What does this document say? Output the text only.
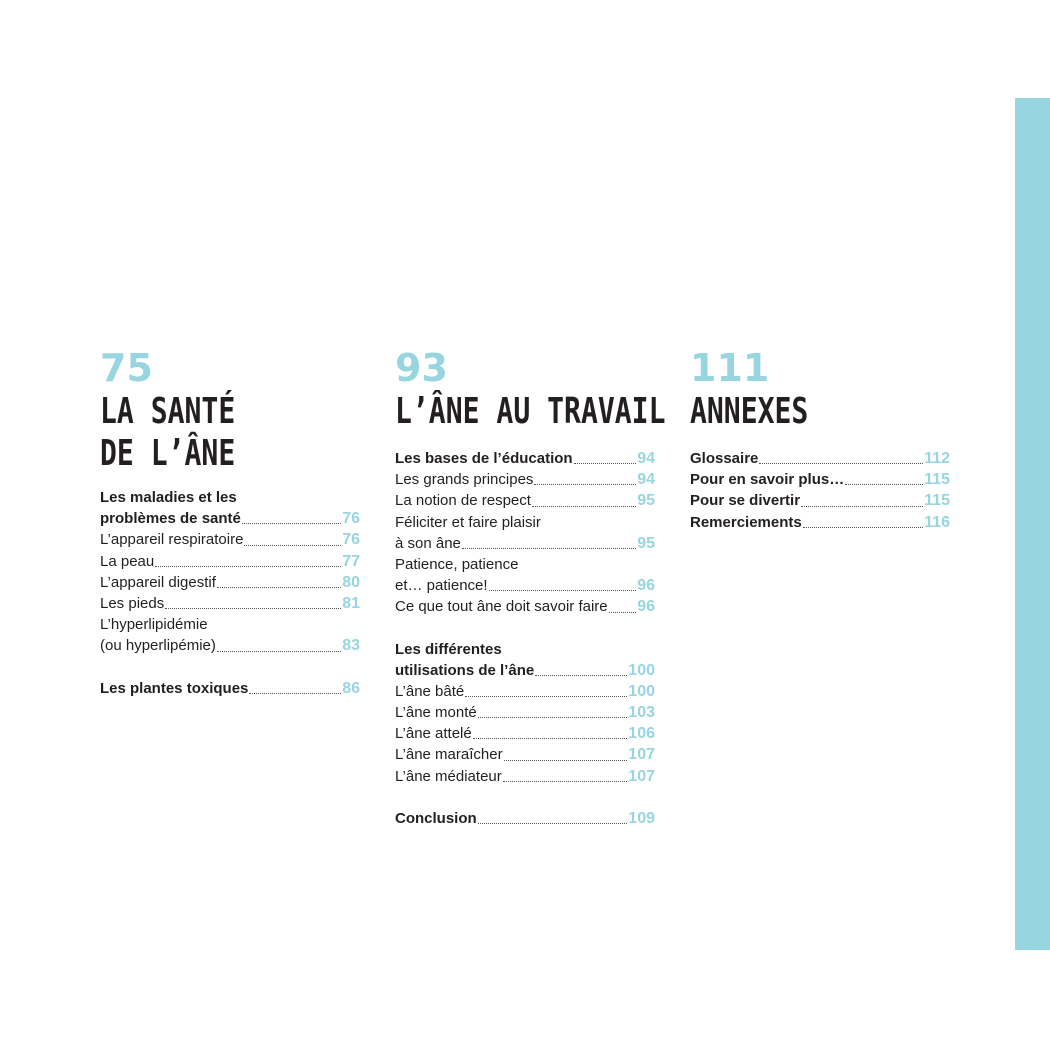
75
LA SANTÉ
DE L’ÂNE
Les maladies et les
problèmes de santé	76
L’appareil respiratoire	76
La peau	77
L’appareil digestif	80
Les pieds	81
L’hyperlipidémie
(ou hyperlipémie)	83
Les plantes toxiques	86
93
L’ÂNE AU TRAVAIL
Les bases de l’éducation	94
Les grands principes	94
La notion de respect	95
Féliciter et faire plaisir
à son âne	95
Patience, patience
et… patience!	96
Ce que tout âne doit savoir faire 96
Les différentes
utilisations de l’âne	100
L’âne bâté	100
L’âne monté	103
L’âne attelé	106
L’âne maraîcher	107
L’âne médiateur	107
Conclusion	109
111
ANNEXES
Glossaire	112
Pour en savoir plus…	115
Pour se divertir	115
Remerciements	116
